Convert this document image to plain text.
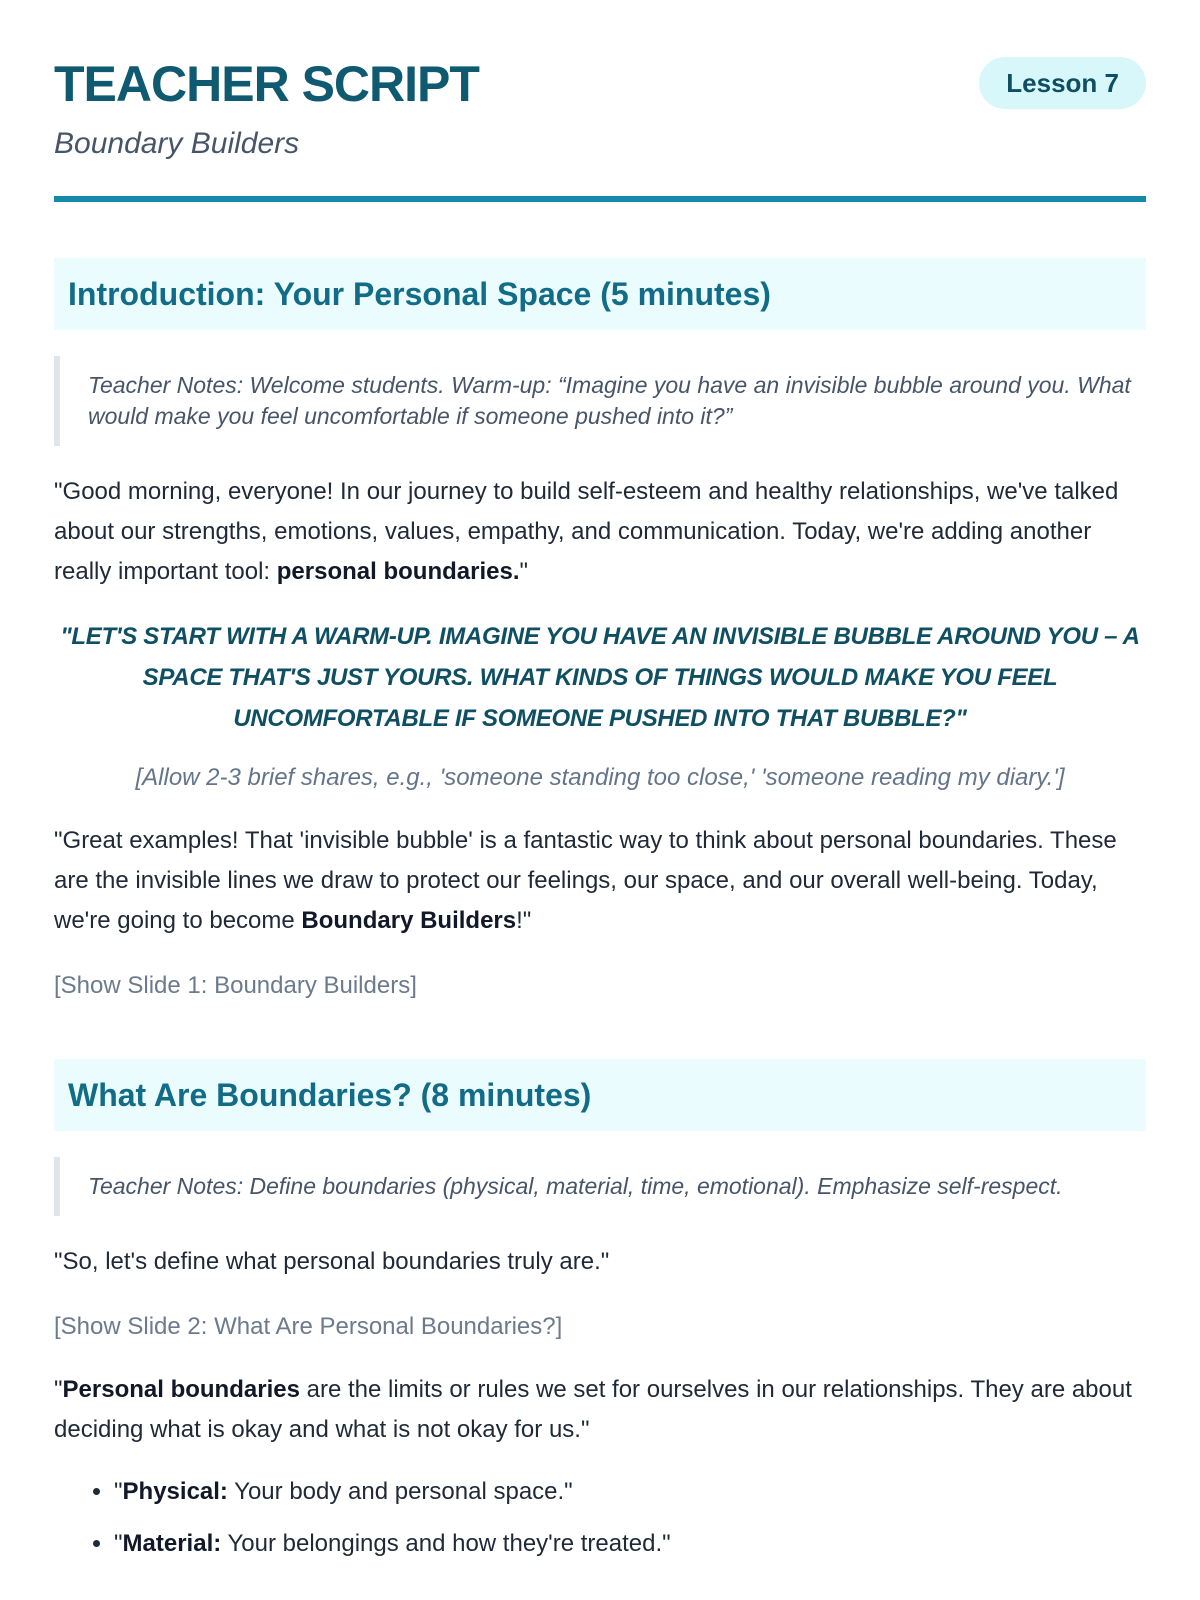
TEACHER SCRIPT

Boundary Builders

Lesson 7
Introduction: Your Personal Space (5 minutes)
Teacher Notes: Welcome students. Warm-up: “Imagine you have an invisible bubble around you. What would make you feel uncomfortable if someone pushed into it?”

"Good morning, everyone! In our journey to build self-esteem and healthy relationships, we've talked about our strengths, emotions, values, empathy, and communication. Today, we're adding another really important tool: personal boundaries."

"LET'S START WITH A WARM-UP. IMAGINE YOU HAVE AN INVISIBLE BUBBLE AROUND YOU – A SPACE THAT'S JUST YOURS. WHAT KINDS OF THINGS WOULD MAKE YOU FEEL UNCOMFORTABLE IF SOMEONE PUSHED INTO THAT BUBBLE?"

[Allow 2-3 brief shares, e.g., 'someone standing too close,' 'someone reading my diary.']

"Great examples! That 'invisible bubble' is a fantastic way to think about personal boundaries. These are the invisible lines we draw to protect our feelings, our space, and our overall well-being. Today, we're going to become Boundary Builders!"

[Show Slide 1: Boundary Builders]

What Are Boundaries? (8 minutes)
Teacher Notes: Define boundaries (physical, material, time, emotional). Emphasize self-respect.

"So, let's define what personal boundaries truly are."

[Show Slide 2: What Are Personal Boundaries?]

"Personal boundaries are the limits or rules we set for ourselves in our relationships. They are about deciding what is okay and what is not okay for us."

• "Physical: Your body and personal space."
• "Material: Your belongings and how they're treated."
